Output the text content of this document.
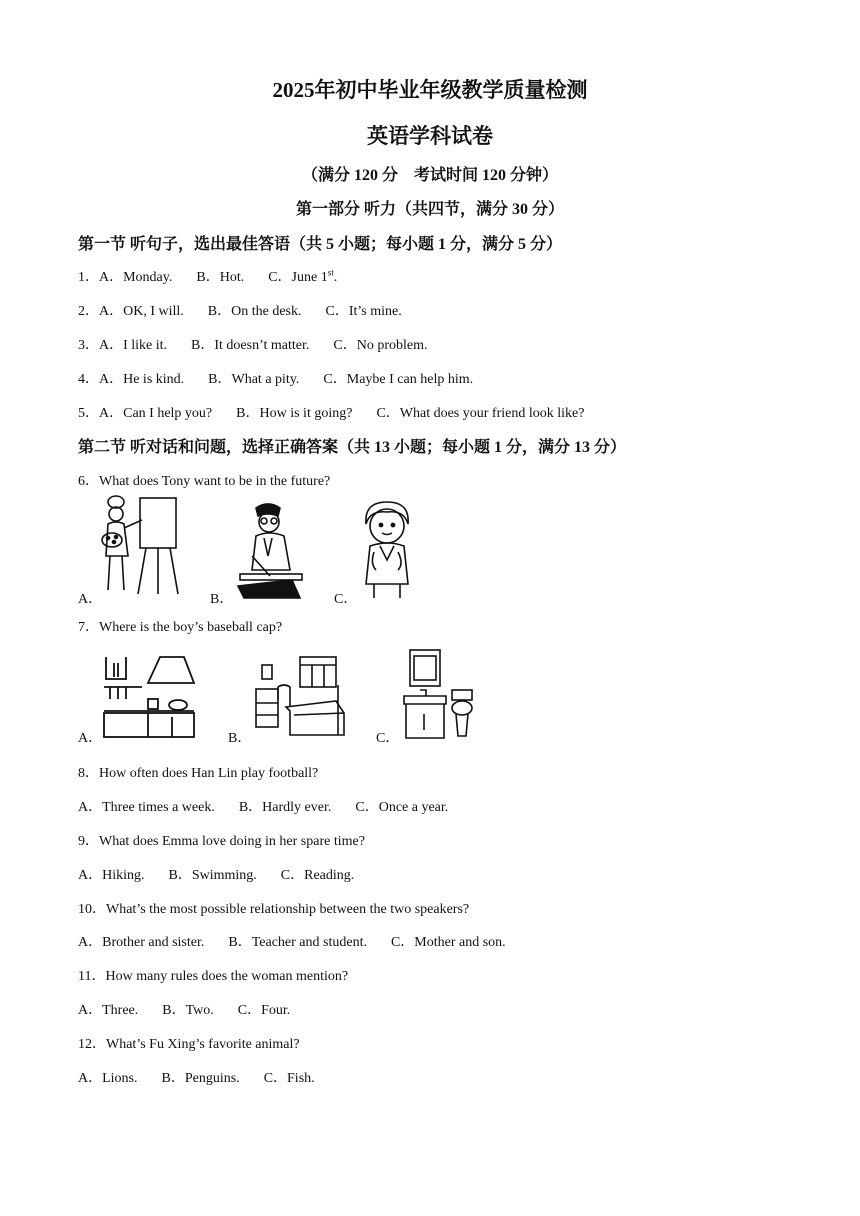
2025年初中毕业年级教学质量检测
英语学科试卷
（满分 120 分　考试时间 120 分钟）
第一部分 听力（共四节，满分 30 分）
第一节 听句子，选出最佳答语（共 5 小题；每小题 1 分，满分 5 分）
1．A．Monday. B．Hot. C．June 1st.
2．A．OK, I will. B．On the desk. C．It’s mine.
3．A．I like it. B．It doesn’t matter. C．No problem.
4．A．He is kind. B．What a pity. C．Maybe I can help him.
5．A．Can I help you? B．How is it going? C．What does your friend look like?
第二节 听对话和问题，选择正确答案（共 13 小题；每小题 1 分，满分 13 分）
6．What does Tony want to be in the future?
A．	B．	C．
7．Where is the boy’s baseball cap?
A．	B．	C．
8．How often does Han Lin play football?
A．Three times a week. B．Hardly ever. C．Once a year.
9．What does Emma love doing in her spare time?
A．Hiking. B．Swimming. C．Reading.
10．What’s the most possible relationship between the two speakers?
A．Brother and sister. B．Teacher and student. C．Mother and son.
11．How many rules does the woman mention?
A．Three. B．Two. C．Four.
12．What’s Fu Xing’s favorite animal?
A．Lions. B．Penguins. C．Fish.
